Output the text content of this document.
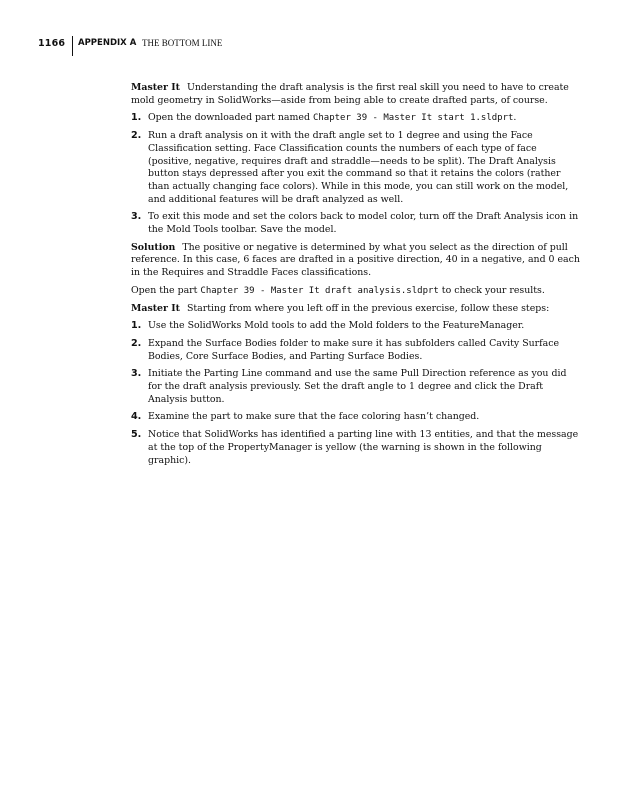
1166 APPENDIX A THE BOTTOM LINE

Master It Understanding the draft analysis is the first real skill you need to have to create mold geometry in SolidWorks—aside from being able to create drafted parts, of course.

1. Open the downloaded part named Chapter 39 - Master It start 1.sldprt.
2. Run a draft analysis on it with the draft angle set to 1 degree and using the Face Classification setting. Face Classification counts the numbers of each type of face (positive, negative, requires draft and straddle—needs to be split). The Draft Analysis button stays depressed after you exit the command so that it retains the colors (rather than actually changing face colors). While in this mode, you can still work on the model, and additional features will be draft analyzed as well.
3. To exit this mode and set the colors back to model color, turn off the Draft Analysis icon in the Mold Tools toolbar. Save the model.

Solution The positive or negative is determined by what you select as the direction of pull reference. In this case, 6 faces are drafted in a positive direction, 40 in a negative, and 0 each in the Requires and Straddle Faces classifications.

Open the part Chapter 39 - Master It draft analysis.sldprt to check your results.

Master It Starting from where you left off in the previous exercise, follow these steps:

1. Use the SolidWorks Mold tools to add the Mold folders to the FeatureManager.
2. Expand the Surface Bodies folder to make sure it has subfolders called Cavity Surface Bodies, Core Surface Bodies, and Parting Surface Bodies.
3. Initiate the Parting Line command and use the same Pull Direction reference as you did for the draft analysis previously. Set the draft angle to 1 degree and click the Draft Analysis button.
4. Examine the part to make sure that the face coloring hasn’t changed.
5. Notice that SolidWorks has identified a parting line with 13 entities, and that the message at the top of the PropertyManager is yellow (the warning is shown in the following graphic).
